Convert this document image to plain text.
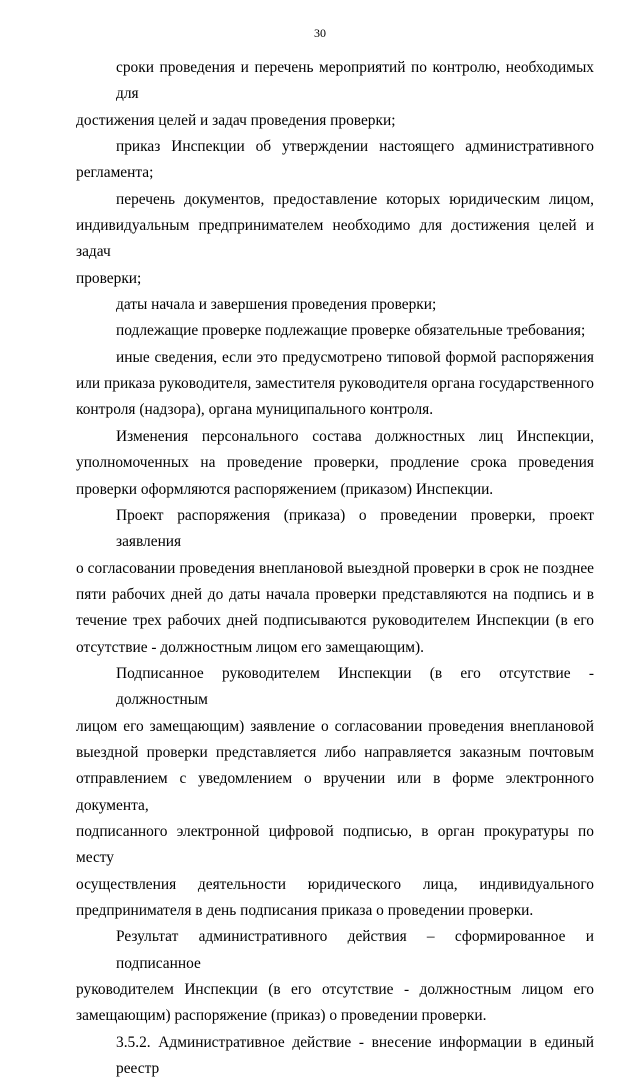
30
сроки проведения и перечень мероприятий по контролю, необходимых для
достижения целей и задач проведения проверки;
приказ Инспекции об утверждении настоящего административного
регламента;
перечень документов, предоставление которых юридическим лицом,
индивидуальным предпринимателем необходимо для достижения целей и задач
проверки;
даты начала и завершения проведения проверки;
подлежащие проверке подлежащие проверке обязательные требования;
иные сведения, если это предусмотрено типовой формой распоряжения
или приказа руководителя, заместителя руководителя органа государственного
контроля (надзора), органа муниципального контроля.
Изменения персонального состава должностных лиц Инспекции,
уполномоченных на проведение проверки, продление срока проведения
проверки оформляются распоряжением (приказом) Инспекции.
Проект распоряжения (приказа) о проведении проверки, проект заявления
о согласовании проведения внеплановой выездной проверки в срок не позднее
пяти рабочих дней до даты начала проверки представляются на подпись и в
течение трех рабочих дней подписываются руководителем Инспекции (в его
отсутствие - должностным лицом его замещающим).
Подписанное руководителем Инспекции (в его отсутствие - должностным
лицом его замещающим) заявление о согласовании проведения внеплановой
выездной проверки представляется либо направляется заказным почтовым
отправлением с уведомлением о вручении или в форме электронного документа,
подписанного электронной цифровой подписью, в орган прокуратуры по месту
осуществления деятельности юридического лица, индивидуального
предпринимателя в день подписания приказа о проведении проверки.
Результат административного действия – сформированное и подписанное
руководителем Инспекции (в его отсутствие - должностным лицом его
замещающим) распоряжение (приказ) о проведении проверки.
3.5.2. Административное действие - внесение информации в единый реестр
